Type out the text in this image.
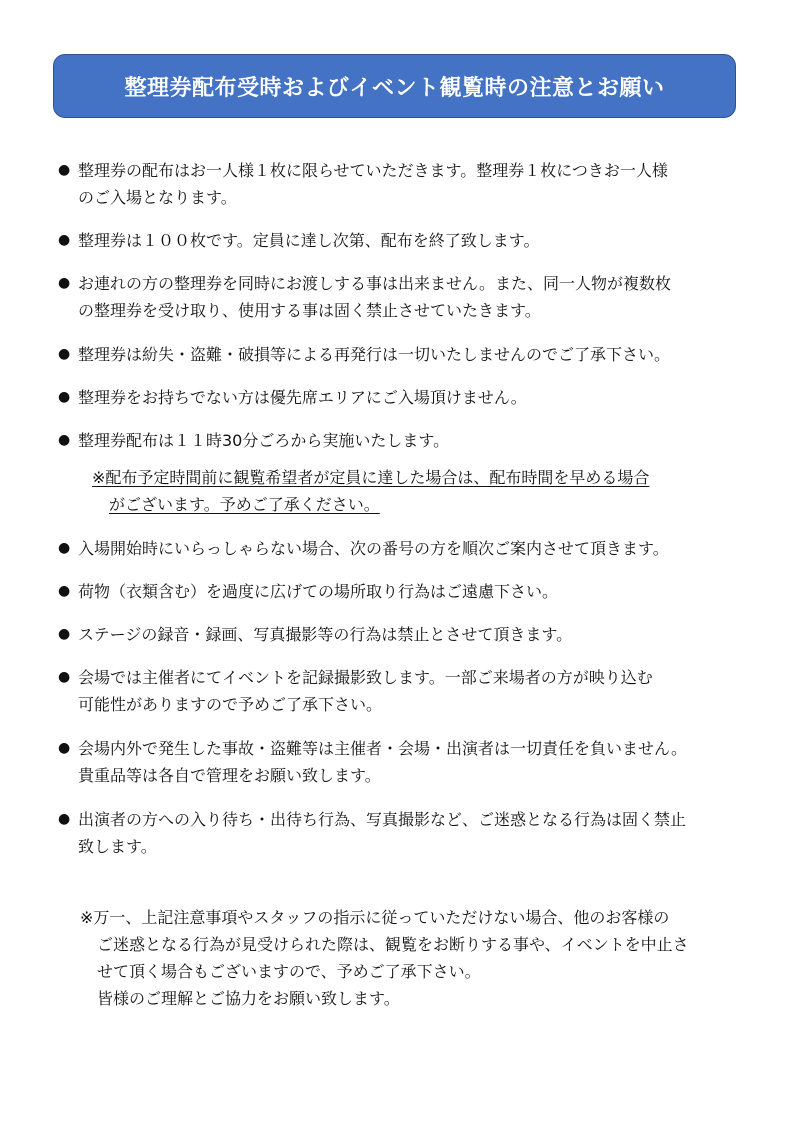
整理券配布受時およびイベント観覧時の注意とお願い
● 整理券の配布はお一人様１枚に限らせていただきます。整理券１枚につきお一人様
のご入場となります。
● 整理券は１００枚です。定員に達し次第、配布を終了致します。
● お連れの方の整理券を同時にお渡しする事は出来ません。また、同一人物が複数枚
の整理券を受け取り、使用する事は固く禁止させていたきます。
● 整理券は紛失・盗難・破損等による再発行は一切いたしませんのでご了承下さい。
● 整理券をお持ちでない方は優先席エリアにご入場頂けません。
● 整理券配布は１１時30分ごろから実施いたします。
※配布予定時間前に観覧希望者が定員に達した場合は、配布時間を早める場合
がございます。予めご了承ください。
● 入場開始時にいらっしゃらない場合、次の番号の方を順次ご案内させて頂きます。
● 荷物（衣類含む）を過度に広げての場所取り行為はご遠慮下さい。
● ステージの録音・録画、写真撮影等の行為は禁止とさせて頂きます。
● 会場では主催者にてイベントを記録撮影致します。一部ご来場者の方が映り込む
可能性がありますので予めご了承下さい。
● 会場内外で発生した事故・盗難等は主催者・会場・出演者は一切責任を負いません。
貴重品等は各自で管理をお願い致します。
● 出演者の方への入り待ち・出待ち行為、写真撮影など、ご迷惑となる行為は固く禁止
致します。
※万一、上記注意事項やスタッフの指示に従っていただけない場合、他のお客様の
ご迷惑となる行為が見受けられた際は、観覧をお断りする事や、イベントを中止さ
せて頂く場合もございますので、予めご了承下さい。
皆様のご理解とご協力をお願い致します。
